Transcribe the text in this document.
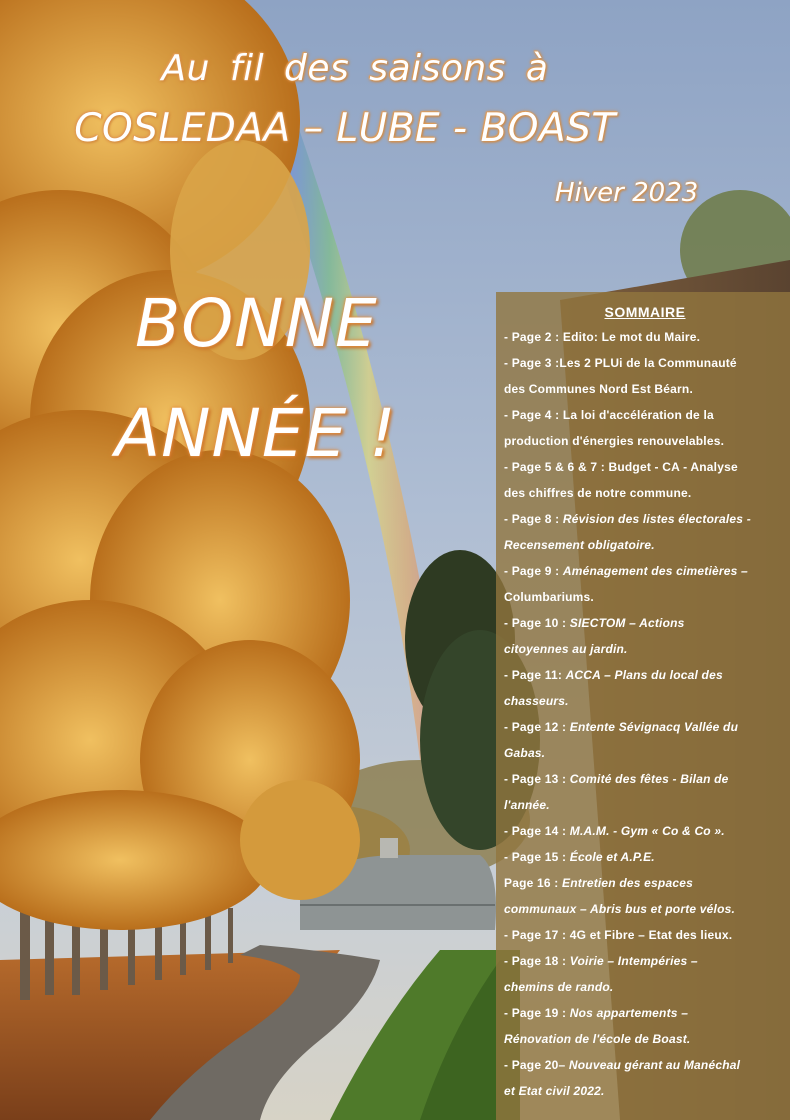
Au fil des saisons à
COSLEDAA – LUBE - BOAST
Hiver 2023
BONNE
ANNÉE !
SOMMAIRE
- Page 2 : Edito: Le mot du Maire.
- Page 3 :Les 2 PLUi de la Communauté
des Communes Nord Est Béarn.
- Page 4 : La loi d'accélération de la
production d'énergies renouvelables.
- Page 5 & 6 & 7 : Budget - CA - Analyse
des chiffres de notre commune.
- Page 8 : Révision des listes électorales -
Recensement obligatoire.
- Page 9 : Aménagement des cimetières –
Columbariums.
- Page 10 : SIECTOM – Actions
citoyennes au jardin.
- Page 11: ACCA – Plans du local des
chasseurs.
- Page 12 : Entente Sévignacq Vallée du
Gabas.
- Page 13 : Comité des fêtes - Bilan de
l'année.
- Page 14 : M.A.M. - Gym « Co & Co ».
- Page 15 : École et A.P.E.
Page 16 : Entretien des espaces
communaux – Abris bus et porte vélos.
- Page 17 : 4G et Fibre – Etat des lieux.
- Page 18 : Voirie – Intempéries –
chemins de rando.
- Page 19 : Nos appartements –
Rénovation de l'école de Boast.
- Page 20– Nouveau gérant au Manéchal
et Etat civil 2022.
